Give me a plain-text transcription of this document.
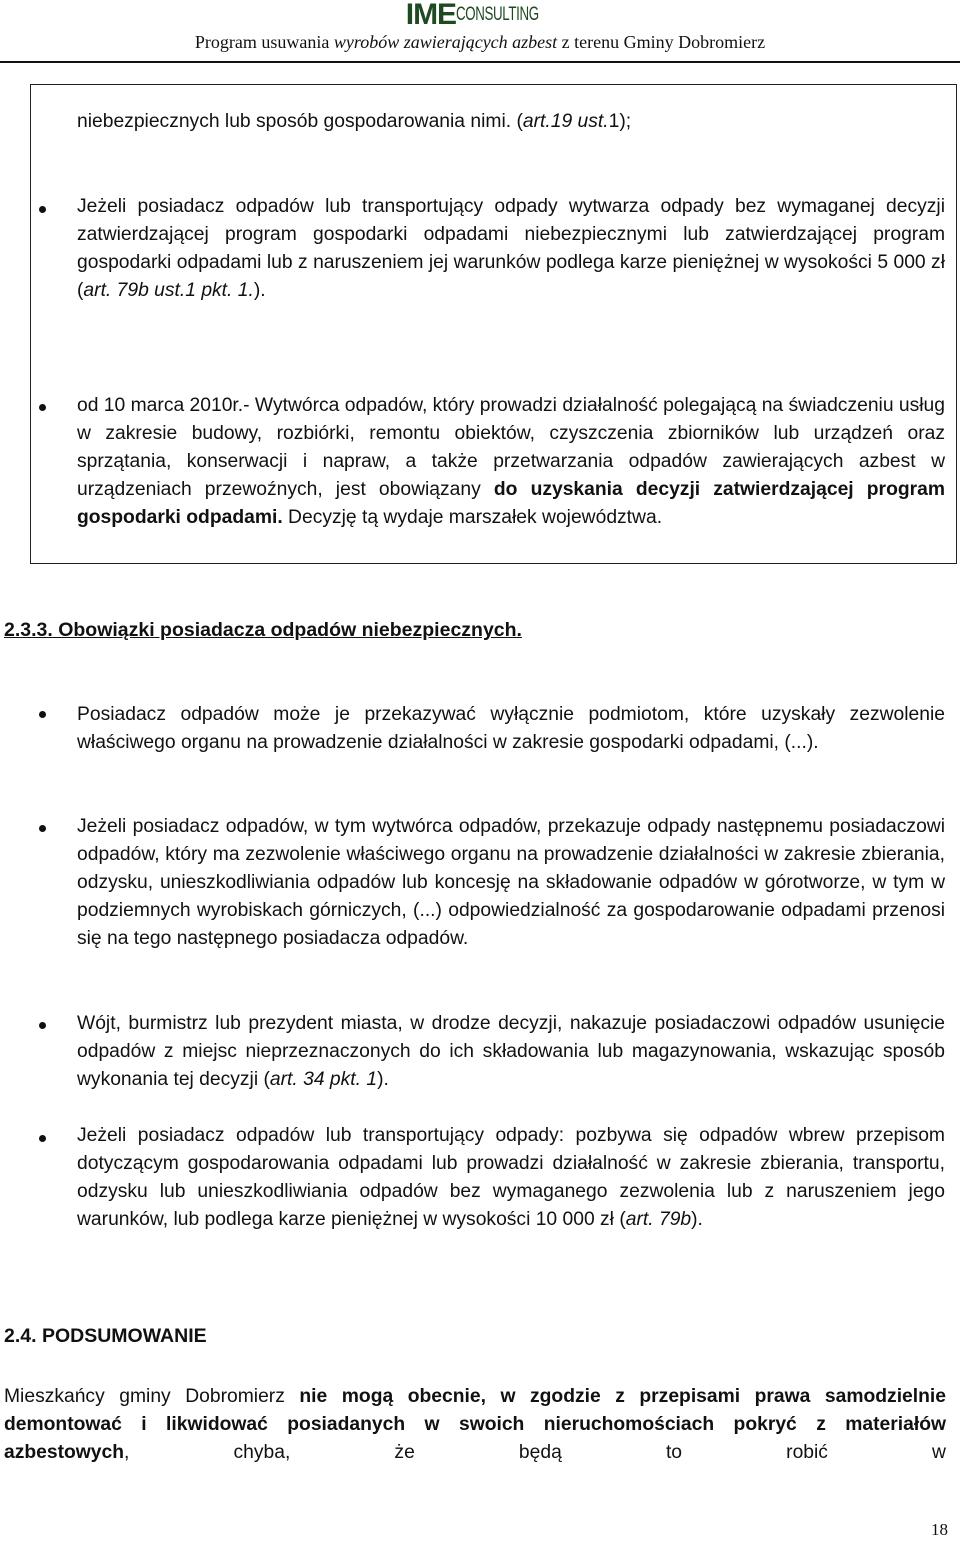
IMECONSULTING
Program usuwania wyrobów zawierających azbest z terenu Gminy Dobromierz
niebezpiecznych lub sposób gospodarowania nimi. (art.19 ust.1);
Jeżeli posiadacz odpadów lub transportujący odpady wytwarza odpady bez wymaganej decyzji zatwierdzającej program gospodarki odpadami niebezpiecznymi lub zatwierdzającej program gospodarki odpadami lub z naruszeniem jej warunków podlega karze pieniężnej w wysokości 5 000 zł (art. 79b ust.1 pkt. 1.).
od 10 marca 2010r.- Wytwórca odpadów, który prowadzi działalność polegającą na świadczeniu usług w zakresie budowy, rozbiórki, remontu obiektów, czyszczenia zbiorników lub urządzeń oraz sprzątania, konserwacji i napraw, a także przetwarzania odpadów zawierających azbest w urządzeniach przewoźnych, jest obowiązany do uzyskania decyzji zatwierdzającej program gospodarki odpadami. Decyzję tą wydaje marszałek województwa.
2.3.3. Obowiązki posiadacza odpadów niebezpiecznych.
Posiadacz odpadów może je przekazywać wyłącznie podmiotom, które uzyskały zezwolenie właściwego organu na prowadzenie działalności w zakresie gospodarki odpadami, (...).
Jeżeli posiadacz odpadów, w tym wytwórca odpadów, przekazuje odpady następnemu posiadaczowi odpadów, który ma zezwolenie właściwego organu na prowadzenie działalności w zakresie zbierania, odzysku, unieszkodliwiania odpadów lub koncesję na składowanie odpadów w górotworze, w tym w podziemnych wyrobiskach górniczych, (...) odpowiedzialność za gospodarowanie odpadami przenosi się na tego następnego posiadacza odpadów.
Wójt, burmistrz lub prezydent miasta, w drodze decyzji, nakazuje posiadaczowi odpadów usunięcie odpadów z miejsc nieprzeznaczonych do ich składowania lub magazynowania, wskazując sposób wykonania tej decyzji (art. 34 pkt. 1).
Jeżeli posiadacz odpadów lub transportujący odpady: pozbywa się odpadów wbrew przepisom dotyczącym gospodarowania odpadami lub prowadzi działalność w zakresie zbierania, transportu, odzysku lub unieszkodliwiania odpadów bez wymaganego zezwolenia lub z naruszeniem jego warunków, lub podlega karze pieniężnej w wysokości 10 000 zł (art. 79b).
2.4. PODSUMOWANIE
Mieszkańcy gminy Dobromierz nie mogą obecnie, w zgodzie z przepisami prawa samodzielnie demontować i likwidować posiadanych w swoich nieruchomościach pokryć z materiałów azbestowych, chyba, że będą to robić w
18
